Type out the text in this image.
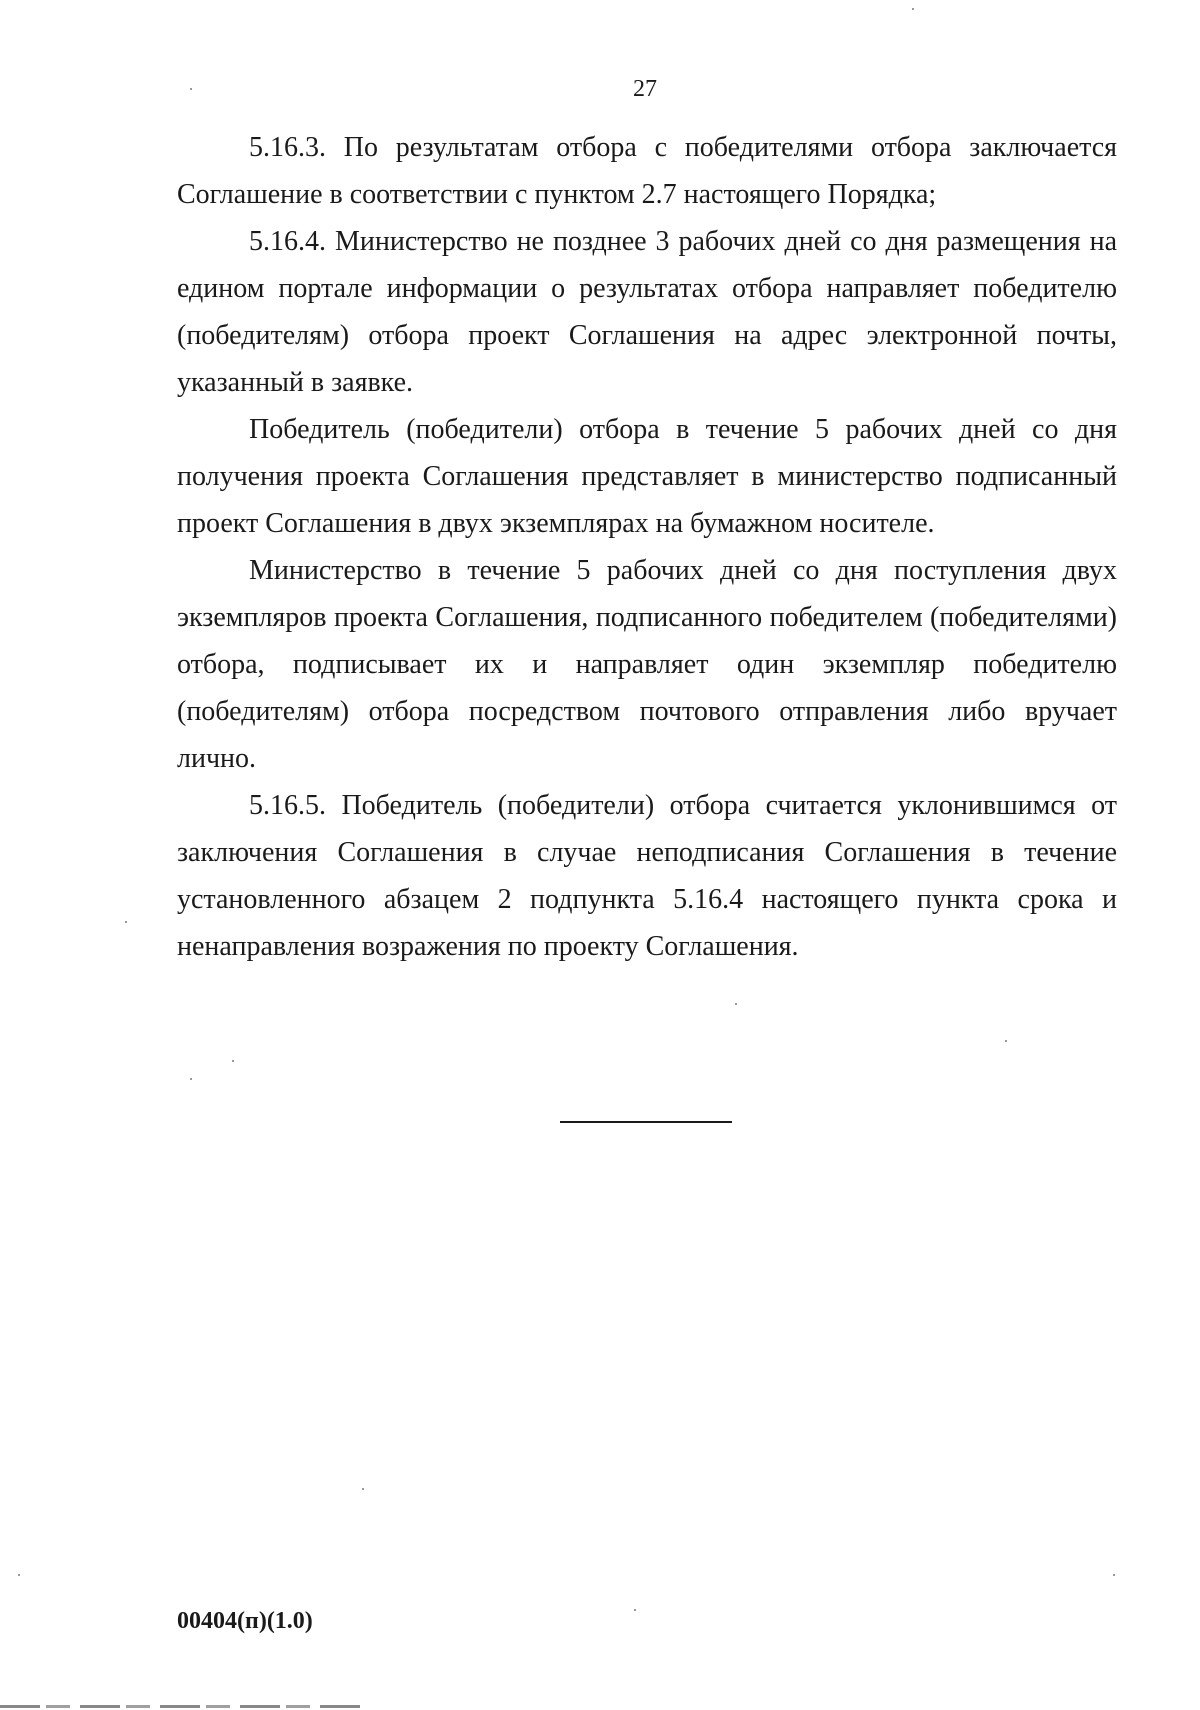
27

5.16.3. По результатам отбора с победителями отбора заключается Соглашение в соответствии с пунктом 2.7 настоящего Порядка;

5.16.4. Министерство не позднее 3 рабочих дней со дня размещения на едином портале информации о результатах отбора направляет победителю (победителям) отбора проект Соглашения на адрес электронной почты, указанный в заявке.

Победитель (победители) отбора в течение 5 рабочих дней со дня получения проекта Соглашения представляет в министерство подписанный проект Соглашения в двух экземплярах на бумажном носителе.

Министерство в течение 5 рабочих дней со дня поступления двух экземпляров проекта Соглашения, подписанного победителем (победителями) отбора, подписывает их и направляет один экземпляр победителю (победителям) отбора посредством почтового отправления либо вручает лично.

5.16.5. Победитель (победители) отбора считается уклонившимся от заключения Соглашения в случае неподписания Соглашения в течение установленного абзацем 2 подпункта 5.16.4 настоящего пункта срока и ненаправления возражения по проекту Соглашения.

00404(п)(1.0)
